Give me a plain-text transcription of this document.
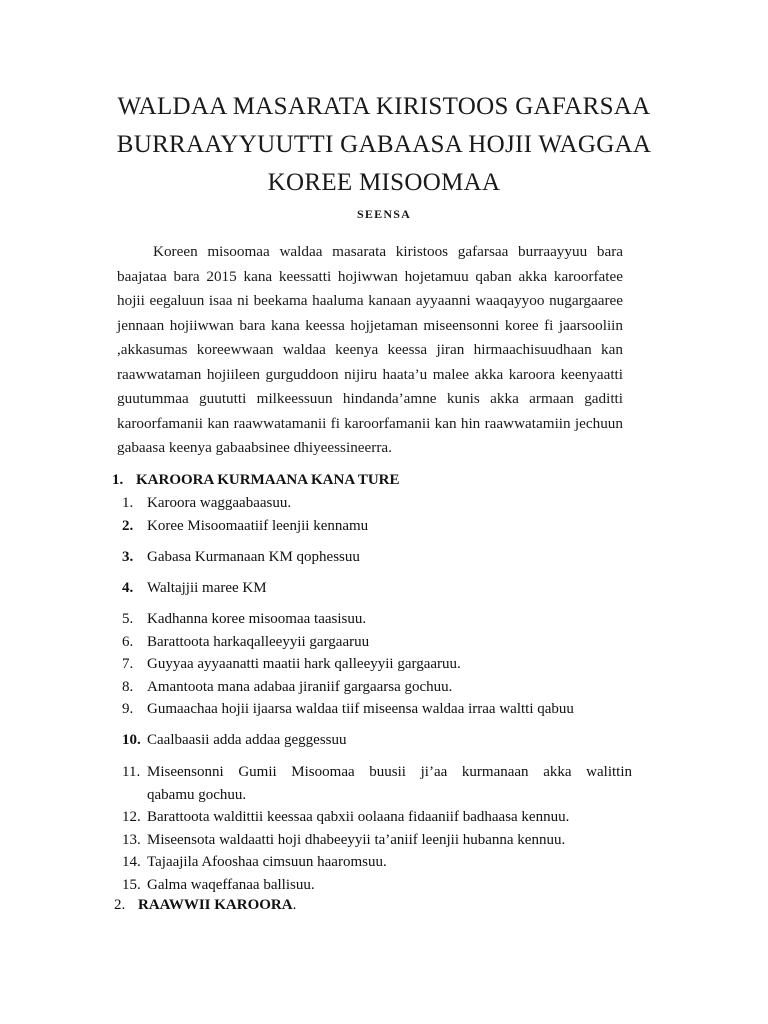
WALDAA MASARATA KIRISTOOS GAFARSAA
BURRAAYYUUTTI GABAASA HOJII WAGGAA
KOREE MISOOMAA
SEENSA
Koreen misoomaa waldaa masarata kiristoos gafarsaa burraayyuu bara baajataa bara 2015 kana keessatti hojiwwan hojetamuu qaban akka karoorfatee hojii eegaluun isaa ni beekama haaluma kanaan ayyaanni waaqayyoo nugargaaree jennaan hojiiwwan bara kana keessa hojjetaman miseensonni koree fi jaarsooliin ,akkasumas koreewwaan waldaa keenya keessa jiran hirmaachisuudhaan kan raawwataman hojiileen gurguddoon nijiru haata’u malee akka karoora keenyaatti guutummaa guututti milkeessuun hindanda’amne kunis akka armaan gaditti karoorfamanii kan raawwatamanii fi karoorfamanii kan hin raawwatamiin jechuun gabaasa keenya gabaabsinee dhiyeessineerra.
1. KAROORA KURMAANA KANA TURE
1. Karoora waggaabaasuu.
2. Koree Misoomaatiif leenjii kennamu
3. Gabasa Kurmanaan KM qophessuu
4. Waltajjii maree KM
5. Kadhanna koree misoomaa taasisuu.
6. Barattoota harkaqalleeyyii gargaaruu
7. Guyyaa ayyaanatti maatii hark qalleeyyii gargaaruu.
8. Amantoota mana adabaa jiraniif gargaarsa gochuu.
9. Gumaachaa hojii ijaarsa waldaa tiif miseensa waldaa irraa waltti qabuu
10. Caalbaasii adda addaa geggessuu
11. Miseensonni Gumii Misoomaa buusii ji’aa kurmanaan akka walittin
qabamu gochuu.
12. Barattoota waldittii keessaa qabxii oolaana fidaaniif badhaasa kennuu.
13. Miseensota waldaatti hoji dhabeeyyii ta’aniif leenjii hubanna kennuu.
14. Tajaajila Afooshaa cimsuun haaromsuu.
15. Galma waqeffanaa ballisuu.
2. RAAWWII KAROORA.
